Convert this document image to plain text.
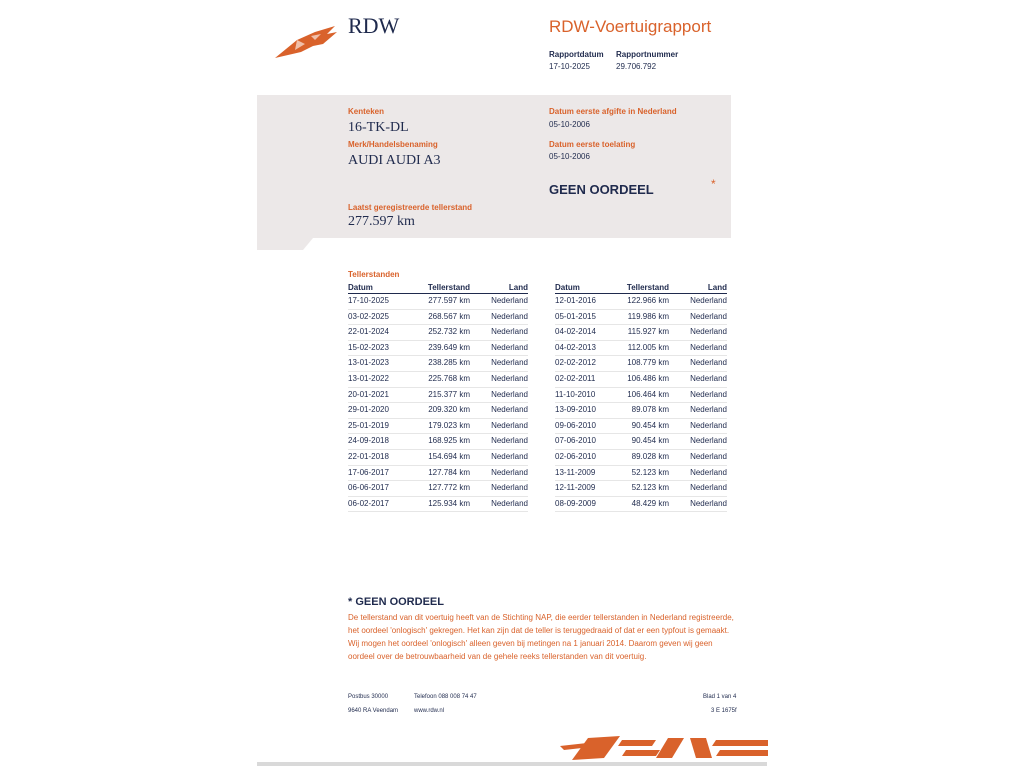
RDW	RDW-Voertuigrapport
Rapportdatum
17-10-2025
Rapportnummer
29.706.792
Kenteken
16-TK-DL
Merk/Handelsbenaming
AUDI AUDI A3
Laatst geregistreerde tellerstand
277.597 km
Datum eerste afgifte in Nederland
05-10-2006
Datum eerste toelating
05-10-2006
GEEN OORDEEL	*
Tellerstanden
Datum	Tellerstand	Land
17-10-2025	277.597 km	Nederland
03-02-2025	268.567 km	Nederland
22-01-2024	252.732 km	Nederland
15-02-2023	239.649 km	Nederland
13-01-2023	238.285 km	Nederland
13-01-2022	225.768 km	Nederland
20-01-2021	215.377 km	Nederland
29-01-2020	209.320 km	Nederland
25-01-2019	179.023 km	Nederland
24-09-2018	168.925 km	Nederland
22-01-2018	154.694 km	Nederland
17-06-2017	127.784 km	Nederland
06-06-2017	127.772 km	Nederland
06-02-2017	125.934 km	Nederland
Datum	Tellerstand	Land
12-01-2016	122.966 km	Nederland
05-01-2015	119.986 km	Nederland
04-02-2014	115.927 km	Nederland
04-02-2013	112.005 km	Nederland
02-02-2012	108.779 km	Nederland
02-02-2011	106.486 km	Nederland
11-10-2010	106.464 km	Nederland
13-09-2010	89.078 km	Nederland
09-06-2010	90.454 km	Nederland
07-06-2010	90.454 km	Nederland
02-06-2010	89.028 km	Nederland
13-11-2009	52.123 km	Nederland
12-11-2009	52.123 km	Nederland
08-09-2009	48.429 km	Nederland
* GEEN OORDEEL
De tellerstand van dit voertuig heeft van de Stichting NAP, die eerder tellerstanden in Nederland registreerde, het oordeel 'onlogisch' gekregen. Het kan zijn dat de teller is teruggedraaid of dat er een typfout is gemaakt. Wij mogen het oordeel 'onlogisch' alleen geven bij metingen na 1 januari 2014. Daarom geven wij geen oordeel over de betrouwbaarheid van de gehele reeks tellerstanden van dit voertuig.
Postbus 30000
9640 RA Veendam
Telefoon 088 008 74 47
www.rdw.nl
Blad 1 van 4
3 E 1675f
